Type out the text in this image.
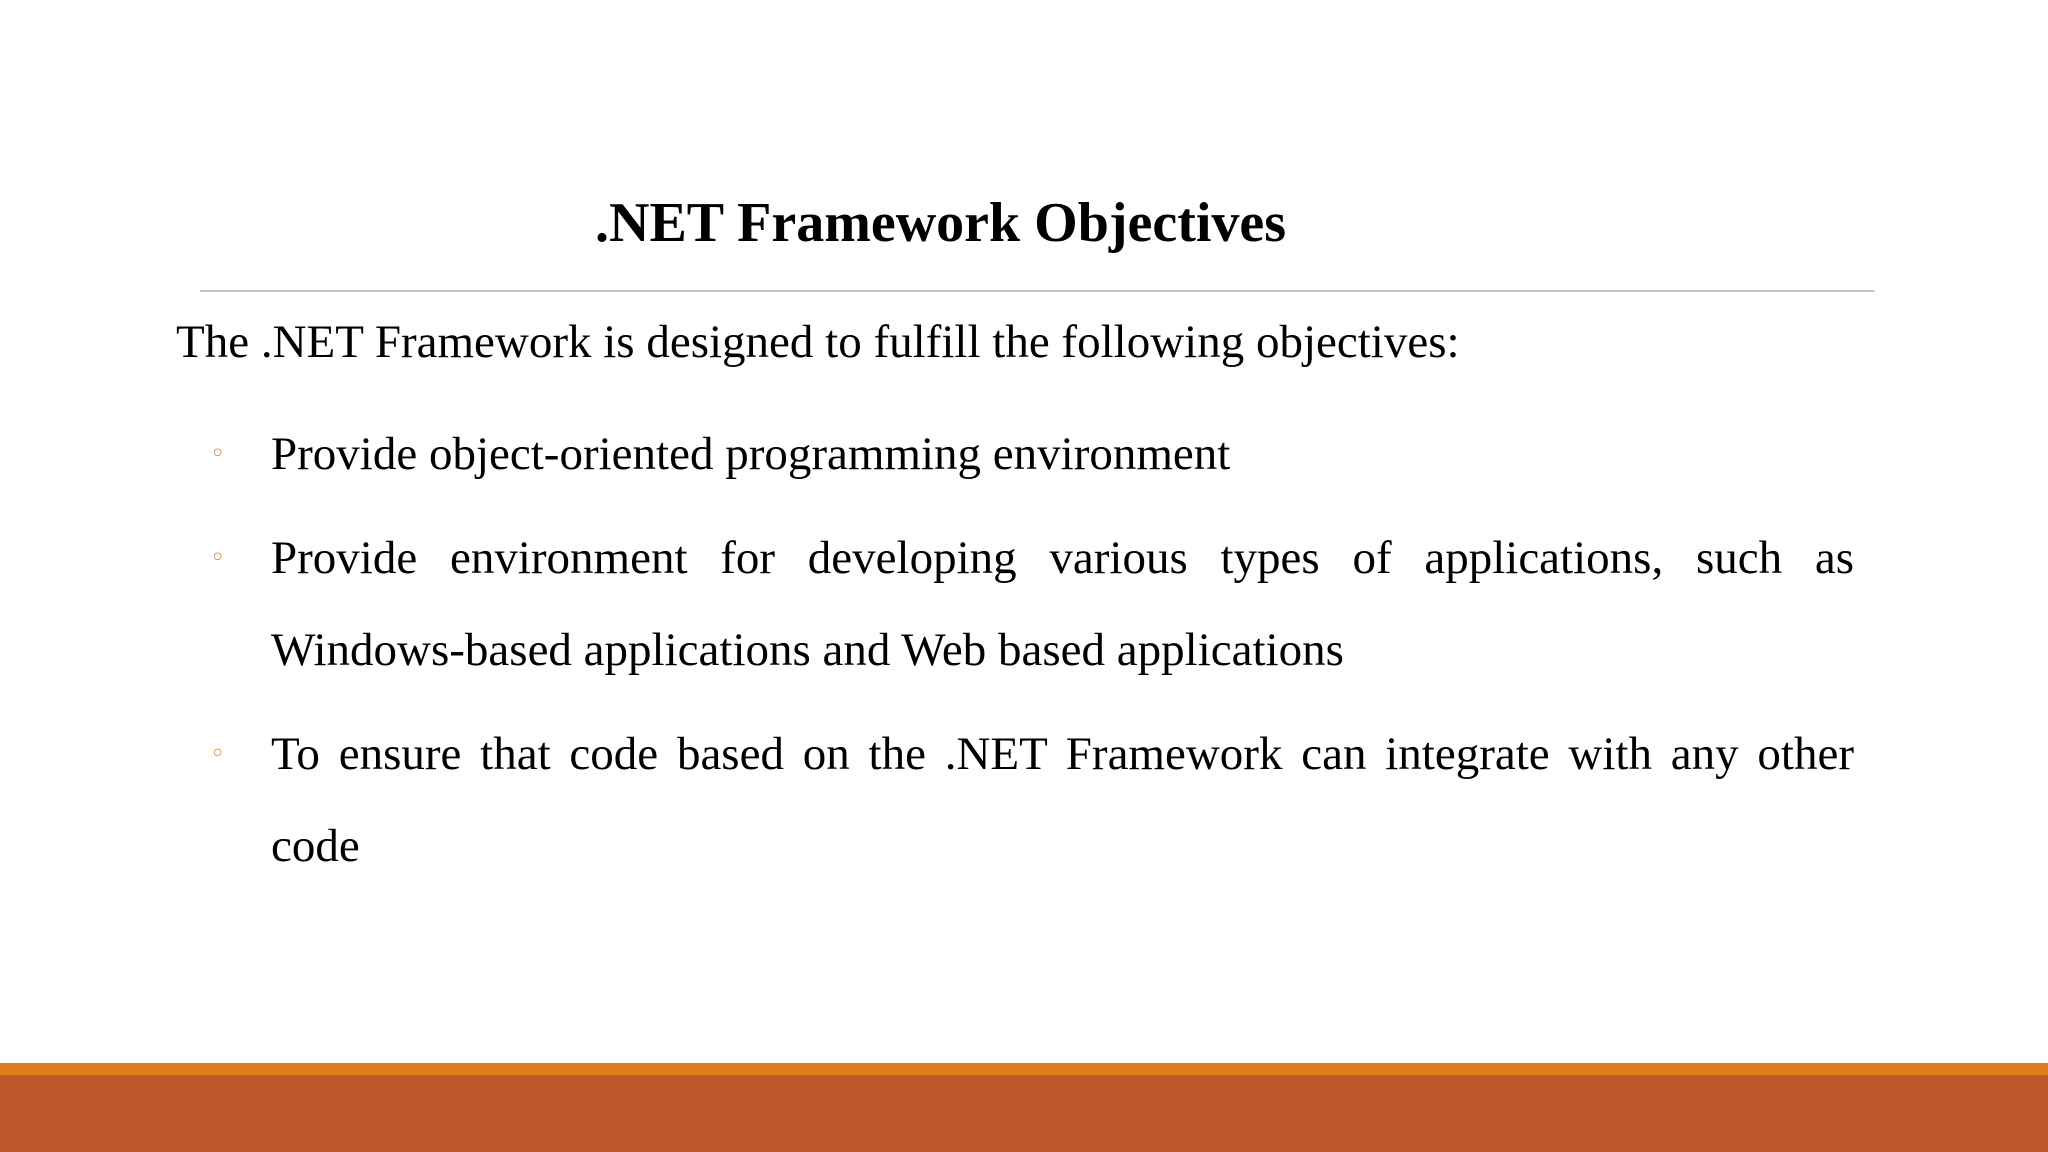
.NET Framework Objectives
The .NET Framework is designed to fulfill the following objectives:
◦ Provide object-oriented programming environment
◦ Provide environment for developing various types of applications, such as Windows-based applications and Web based applications
◦ To ensure that code based on the .NET Framework can integrate with any other code
